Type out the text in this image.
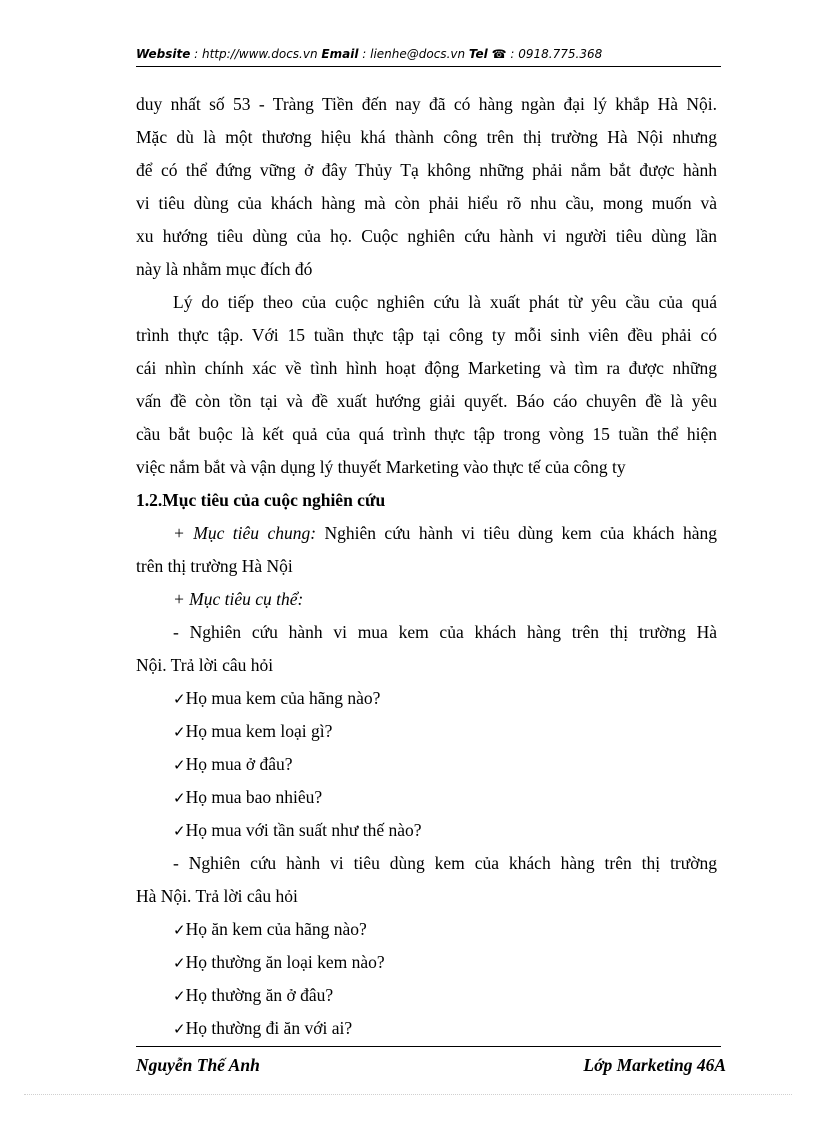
Website : http://www.docs.vn Email : lienhe@docs.vn Tel ☎ : 0918.775.368
duy nhất số 53 - Tràng Tiền đến nay đã có hàng ngàn đại lý khắp Hà Nội.
Mặc dù là một thương hiệu khá thành công trên thị trường Hà Nội nhưng
để có thể đứng vững ở đây Thủy Tạ không những phải nắm bắt được hành
vi tiêu dùng của khách hàng mà còn phải hiểu rõ nhu cầu, mong muốn và
xu hướng tiêu dùng của họ. Cuộc nghiên cứu hành vi người tiêu dùng lần
này là nhằm mục đích đó
Lý do tiếp theo của cuộc nghiên cứu là xuất phát từ yêu cầu của quá
trình thực tập. Với 15 tuần thực tập tại công ty mỗi sinh viên đều phải có
cái nhìn chính xác về tình hình hoạt động Marketing và tìm ra được những
vấn đề còn tồn tại và đề xuất hướng giải quyết. Báo cáo chuyên đề là yêu
cầu bắt buộc là kết quả của quá trình thực tập trong vòng 15 tuần thể hiện
việc nắm bắt và vận dụng lý thuyết Marketing vào thực tế của công ty
1.2.Mục tiêu của cuộc nghiên cứu
+ Mục tiêu chung: Nghiên cứu hành vi tiêu dùng kem của khách hàng
trên thị trường Hà Nội
+ Mục tiêu cụ thể:
- Nghiên cứu hành vi mua kem của khách hàng trên thị trường Hà
Nội. Trả lời câu hỏi
✓Họ mua kem của hãng nào?
✓Họ mua kem loại gì?
✓Họ mua ở đâu?
✓Họ mua bao nhiêu?
✓Họ mua với tần suất như thế nào?
- Nghiên cứu hành vi tiêu dùng kem của khách hàng trên thị trường
Hà Nội. Trả lời câu hỏi
✓Họ ăn kem của hãng nào?
✓Họ thường ăn loại kem nào?
✓Họ thường ăn ở đâu?
✓Họ thường đi ăn với ai?
Nguyễn Thế Anh	Lớp Marketing 46A
